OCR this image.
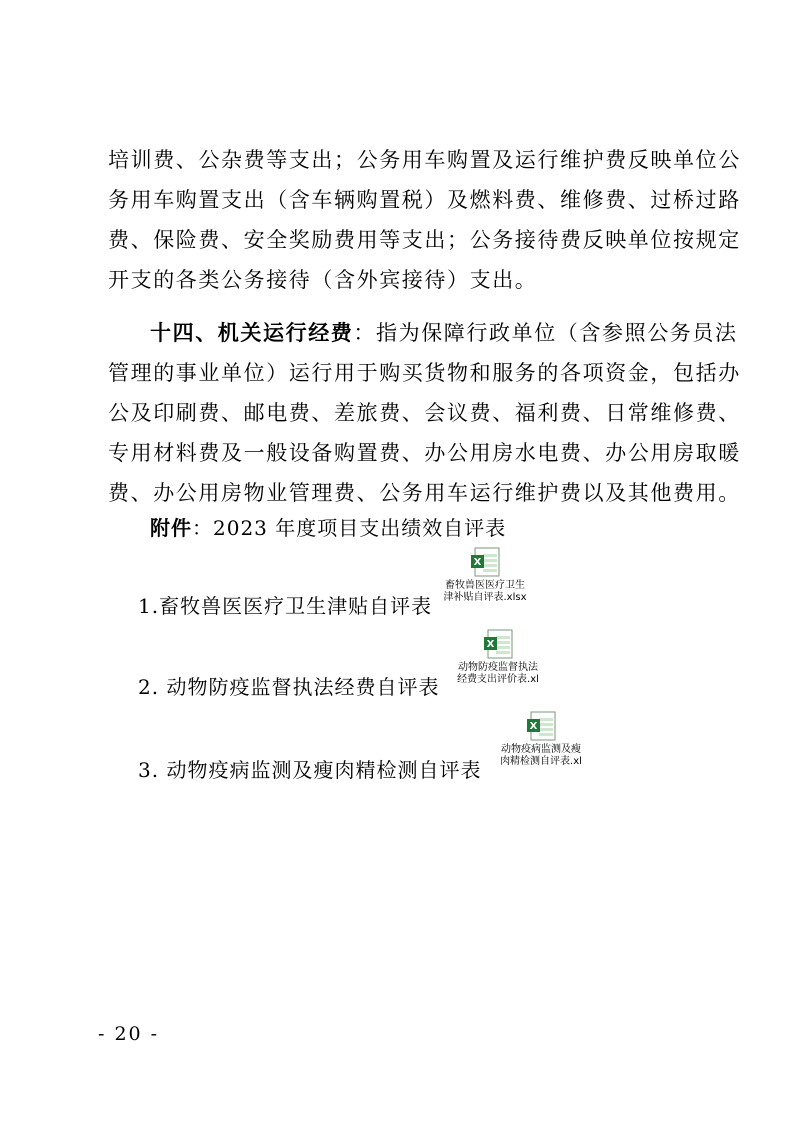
培训费、公杂费等支出；公务用车购置及运行维护费反映单位公
务用车购置支出（含车辆购置税）及燃料费、维修费、过桥过路
费、保险费、安全奖励费用等支出；公务接待费反映单位按规定
开支的各类公务接待（含外宾接待）支出。
十四、机关运行经费：指为保障行政单位（含参照公务员法
管理的事业单位）运行用于购买货物和服务的各项资金，包括办
公及印刷费、邮电费、差旅费、会议费、福利费、日常维修费、
专用材料费及一般设备购置费、办公用房水电费、办公用房取暖
费、办公用房物业管理费、公务用车运行维护费以及其他费用。
附件：2023 年度项目支出绩效自评表
1.畜牧兽医医疗卫生津贴自评表
X
畜牧兽医医疗卫生
津补贴自评表.xlsx
2. 动物防疫监督执法经费自评表
X
动物防疫监督执法
经费支出评价表.xl
3. 动物疫病监测及瘦肉精检测自评表
X
动物疫病监测及瘦
肉精检测自评表.xl
- 20 -
